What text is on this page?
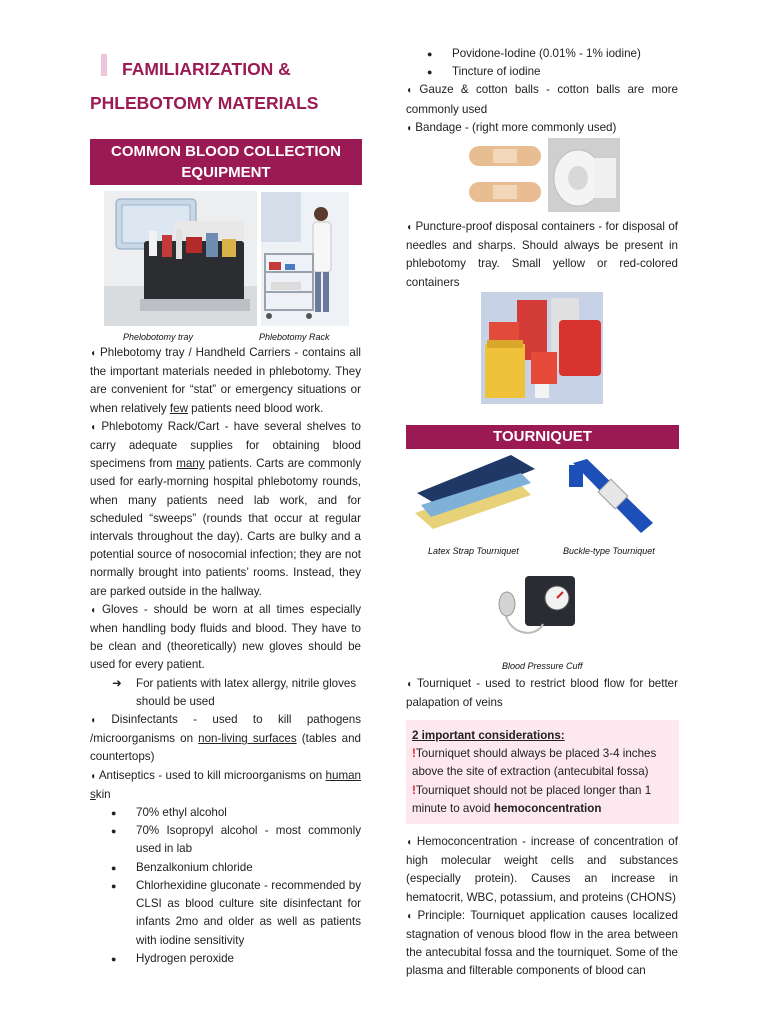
FAMILIARIZATION &
PHLEBOTOMY MATERIALS
COMMON BLOOD COLLECTION
EQUIPMENT
Phelobotomy tray	Phlebotomy Rack
◖ Phlebotomy tray / Handheld Carriers - contains all the important materials needed in phlebotomy. They are convenient for “stat” or emergency situations or when relatively few patients need blood work.
◖ Phlebotomy Rack/Cart - have several shelves to carry adequate supplies for obtaining blood specimens from many patients. Carts are commonly used for early-morning hospital phlebotomy rounds, when many patients need lab work, and for scheduled “sweeps” (rounds that occur at regular intervals throughout the day). Carts are bulky and a potential source of nosocomial infection; they are not normally brought into patients’ rooms. Instead, they are parked outside in the hallway.
◖ Gloves - should be worn at all times especially when handling body fluids and blood. They have to be clean and (theoretically) new gloves should be used for every patient.
➜ For patients with latex allergy, nitrile gloves should be used
◖ Disinfectants - used to kill pathogens /microorganisms on non-living surfaces (tables and countertops)
◖ Antiseptics - used to kill microorganisms on human skin
● 70% ethyl alcohol
● 70% Isopropyl alcohol - most commonly used in lab
● Benzalkonium chloride
● Chlorhexidine gluconate - recommended by CLSI as blood culture site disinfectant for infants 2mo and older as well as patients with iodine sensitivity
● Hydrogen peroxide
● Povidone-Iodine (0.01% - 1% iodine)
● Tincture of iodine
◖ Gauze & cotton balls - cotton balls are more commonly used
◖ Bandage - (right more commonly used)
◖ Puncture-proof disposal containers - for disposal of needles and sharps. Should always be present in phlebotomy tray. Small yellow or red-colored containers
TOURNIQUET
Latex Strap Tourniquet	Buckle-type Tourniquet
Blood Pressure Cuff
◖ Tourniquet - used to restrict blood flow for better palapation of veins
2 important considerations:
!Tourniquet should always be placed 3-4 inches above the site of extraction (antecubital fossa)
!Tourniquet should not be placed longer than 1 minute to avoid hemoconcentration
◖ Hemoconcentration - increase of concentration of high molecular weight cells and substances (especially protein). Causes an increase in hematocrit, WBC, potassium, and proteins (CHONS)
◖ Principle: Tourniquet application causes localized stagnation of venous blood flow in the area between the antecubital fossa and the tourniquet. Some of the plasma and filterable components of blood can
